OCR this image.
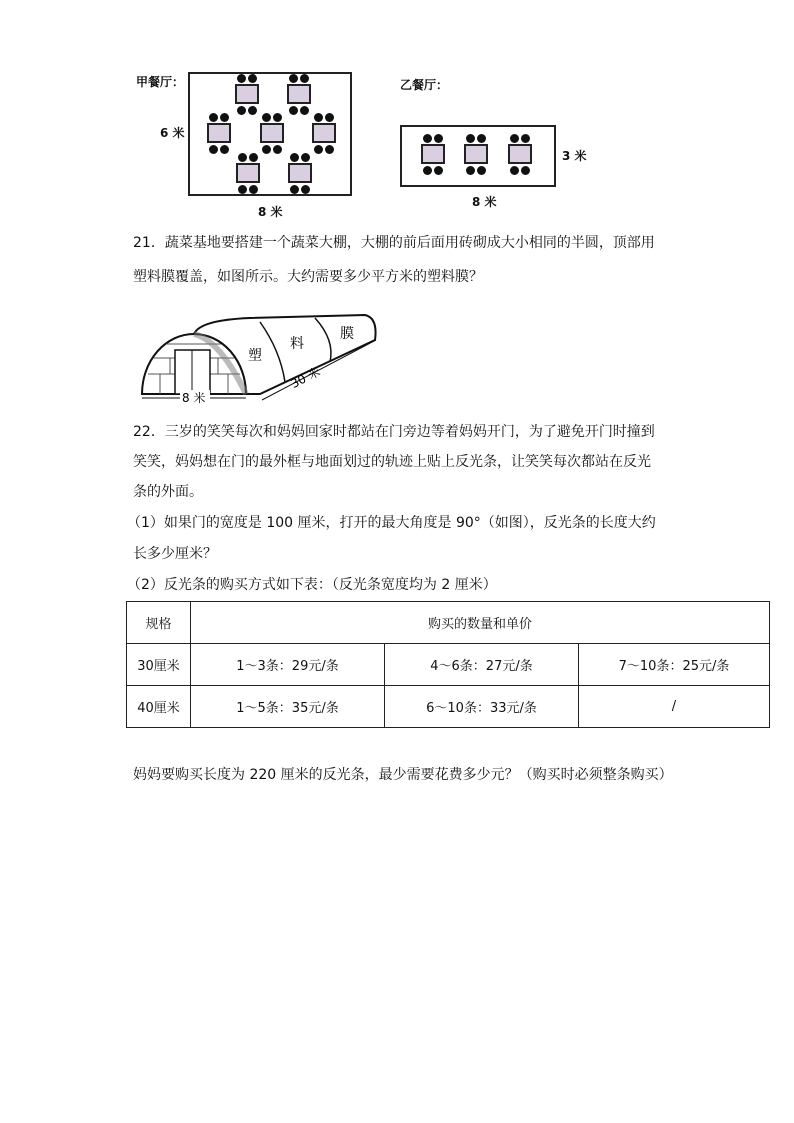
甲餐厅：
6 米
8 米
乙餐厅：
3 米
8 米
21．蔬菜基地要搭建一个蔬菜大棚，大棚的前后面用砖砌成大小相同的半圆，顶部用
塑料膜覆盖，如图所示。大约需要多少平方米的塑料膜？
塑
料
膜
30 米
8 米
22．三岁的笑笑每次和妈妈回家时都站在门旁边等着妈妈开门，为了避免开门时撞到
笑笑，妈妈想在门的最外框与地面划过的轨迹上贴上反光条，让笑笑每次都站在反光
条的外面。
（1）如果门的宽度是 100 厘米，打开的最大角度是 90°（如图），反光条的长度大约
长多少厘米？
（2）反光条的购买方式如下表：（反光条宽度均为 2 厘米）
规格	购买的数量和单价		
30厘米	1～3条：29元/条	4～6条：27元/条	7～10条：25元/条
40厘米	1～5条：35元/条	6～10条：33元/条	/
妈妈要购买长度为 220 厘米的反光条，最少需要花费多少元？（购买时必须整条购买）
